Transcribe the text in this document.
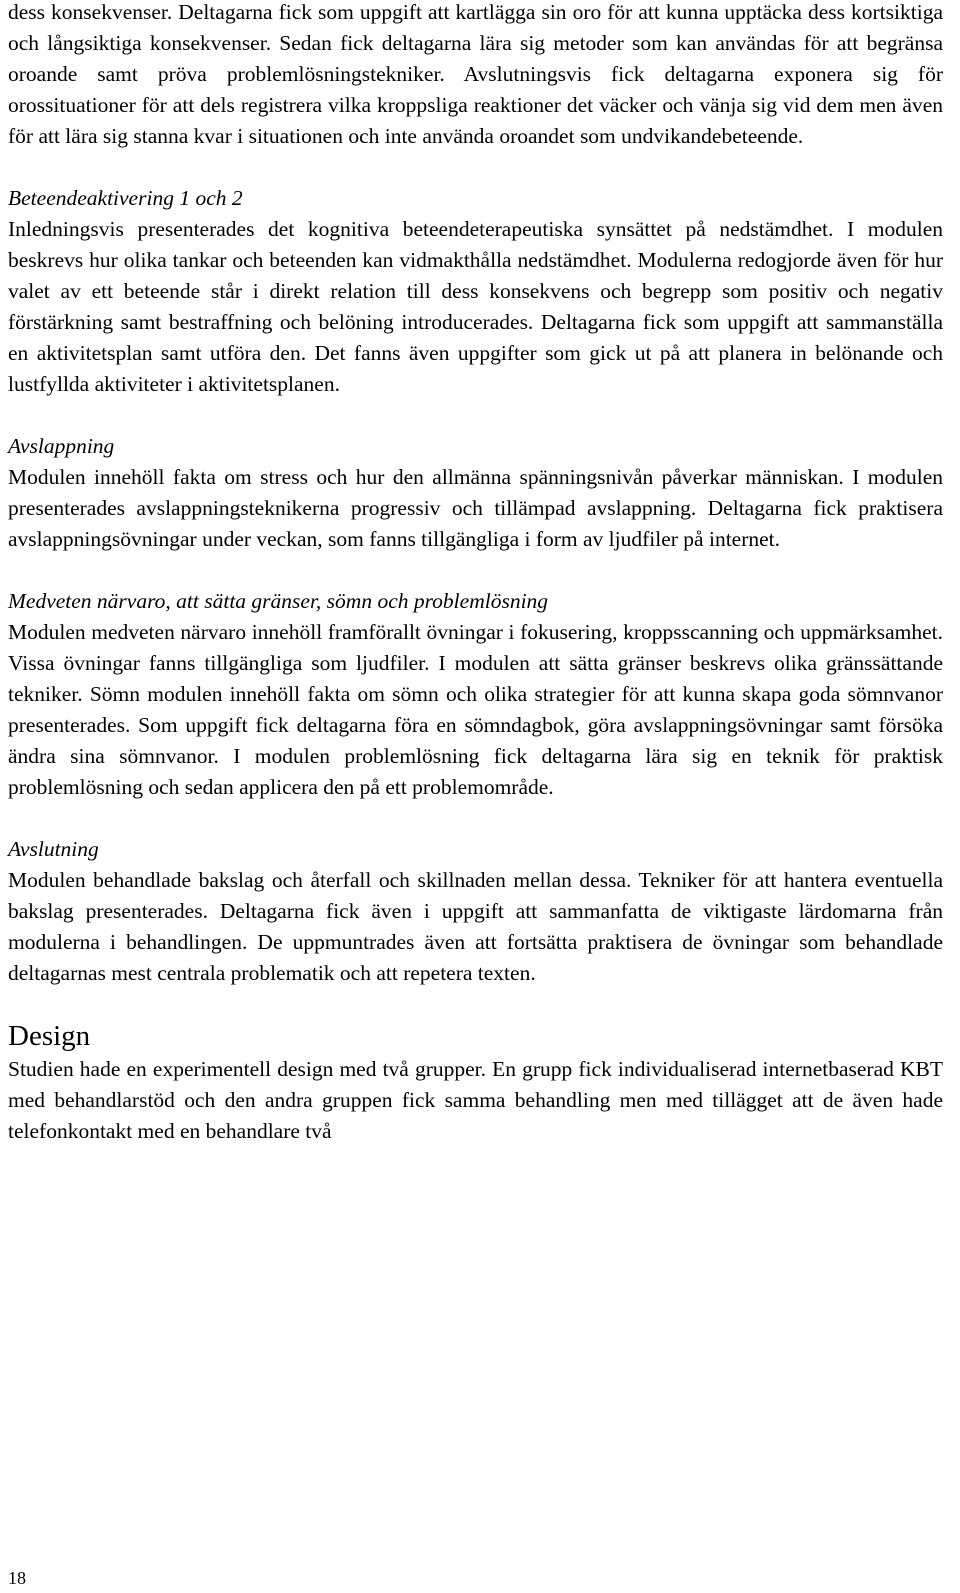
dess konsekvenser. Deltagarna fick som uppgift att kartlägga sin oro för att kunna upptäcka dess kortsiktiga och långsiktiga konsekvenser. Sedan fick deltagarna lära sig metoder som kan användas för att begränsa oroande samt pröva problemlösningstekniker. Avslutningsvis fick deltagarna exponera sig för orossituationer för att dels registrera vilka kroppsliga reaktioner det väcker och vänja sig vid dem men även för att lära sig stanna kvar i situationen och inte använda oroandet som undvikandebeteende.

Beteendeaktivering 1 och 2

Inledningsvis presenterades det kognitiva beteendeterapeutiska synsättet på nedstämdhet. I modulen beskrevs hur olika tankar och beteenden kan vidmakthålla nedstämdhet. Modulerna redogjorde även för hur valet av ett beteende står i direkt relation till dess konsekvens och begrepp som positiv och negativ förstärkning samt bestraffning och belöning introducerades. Deltagarna fick som uppgift att sammanställa en aktivitetsplan samt utföra den. Det fanns även uppgifter som gick ut på att planera in belönande och lustfyllda aktiviteter i aktivitetsplanen.

Avslappning

Modulen innehöll fakta om stress och hur den allmänna spänningsnivån påverkar människan. I modulen presenterades avslappningsteknikerna progressiv och tillämpad avslappning. Deltagarna fick praktisera avslappningsövningar under veckan, som fanns tillgängliga i form av ljudfiler på internet.

Medveten närvaro, att sätta gränser, sömn och problemlösning

Modulen medveten närvaro innehöll framförallt övningar i fokusering, kroppsscanning och uppmärksamhet. Vissa övningar fanns tillgängliga som ljudfiler. I modulen att sätta gränser beskrevs olika gränssättande tekniker. Sömn modulen innehöll fakta om sömn och olika strategier för att kunna skapa goda sömnvanor presenterades. Som uppgift fick deltagarna föra en sömndagbok, göra avslappningsövningar samt försöka ändra sina sömnvanor. I modulen problemlösning fick deltagarna lära sig en teknik för praktisk problemlösning och sedan applicera den på ett problemområde.

Avslutning

Modulen behandlade bakslag och återfall och skillnaden mellan dessa. Tekniker för att hantera eventuella bakslag presenterades. Deltagarna fick även i uppgift att sammanfatta de viktigaste lärdomarna från modulerna i behandlingen. De uppmuntrades även att fortsätta praktisera de övningar som behandlade deltagarnas mest centrala problematik och att repetera texten.

Design

Studien hade en experimentell design med två grupper. En grupp fick individualiserad internetbaserad KBT med behandlarstöd och den andra gruppen fick samma behandling men med tillägget att de även hade telefonkontakt med en behandlare två

18
